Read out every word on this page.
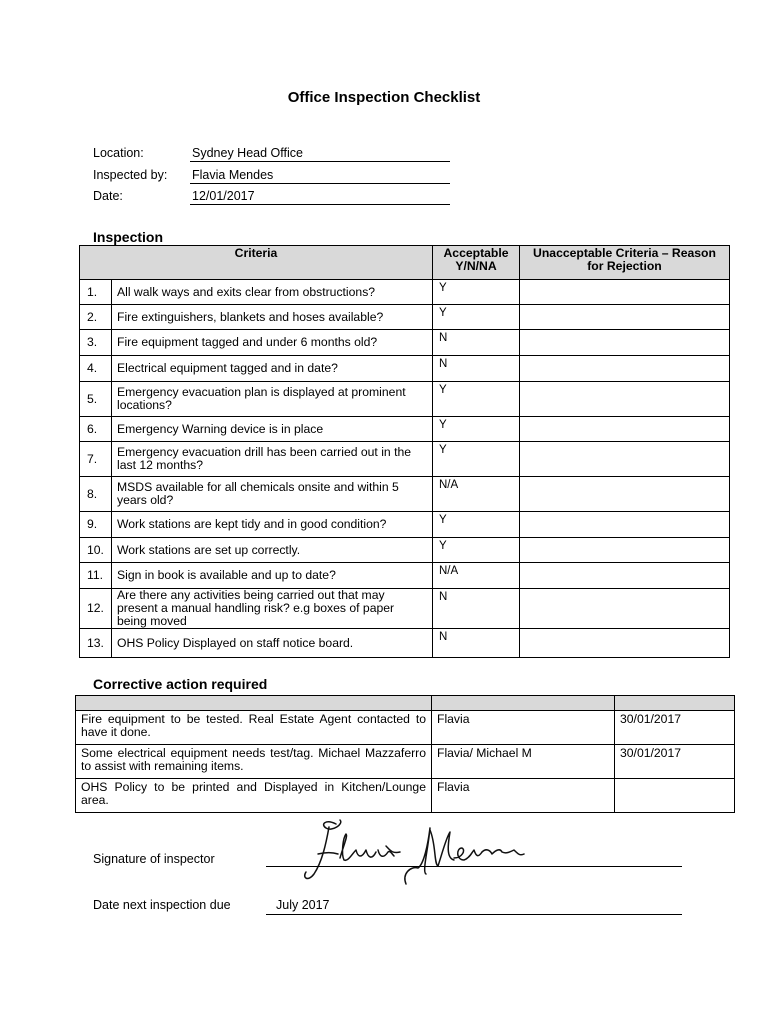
Office Inspection Checklist
Location:	Sydney Head Office
Inspected by: Flavia Mendes
Date:	12/01/2017
Inspection
Criteria		Acceptable Y/N/NA	Unacceptable Criteria – Reason for Rejection
1.	All walk ways and exits clear from obstructions?	Y	
2.	Fire extinguishers, blankets and hoses available?	Y	
3.	Fire equipment tagged and under 6 months old?	N	
4.	Electrical equipment tagged and in date?	N	
5.	Emergency evacuation plan is displayed at prominent locations?	Y	
6.	Emergency Warning device is in place	Y	
7.	Emergency evacuation drill has been carried out in the last 12 months?	Y	
8.	MSDS available for all chemicals onsite and within 5 years old?	N/A	
9.	Work stations are kept tidy and in good condition?	Y	
10.	Work stations are set up correctly.	Y	
11.	Sign in book is available and up to date?	N/A	
12.	Are there any activities being carried out that may present a manual handling risk? e.g boxes of paper being moved	N	
13.	OHS Policy Displayed on staff notice board.	N	
Corrective action required

Fire equipment to be tested. Real Estate Agent contacted to have it done.	Flavia	30/01/2017
Some electrical equipment needs test/tag. Michael Mazzaferro to assist with remaining items.	Flavia/ Michael M	30/01/2017
OHS Policy to be printed and Displayed in Kitchen/Lounge area.	Flavia	
Signature of inspector
Date next inspection due	July 2017
